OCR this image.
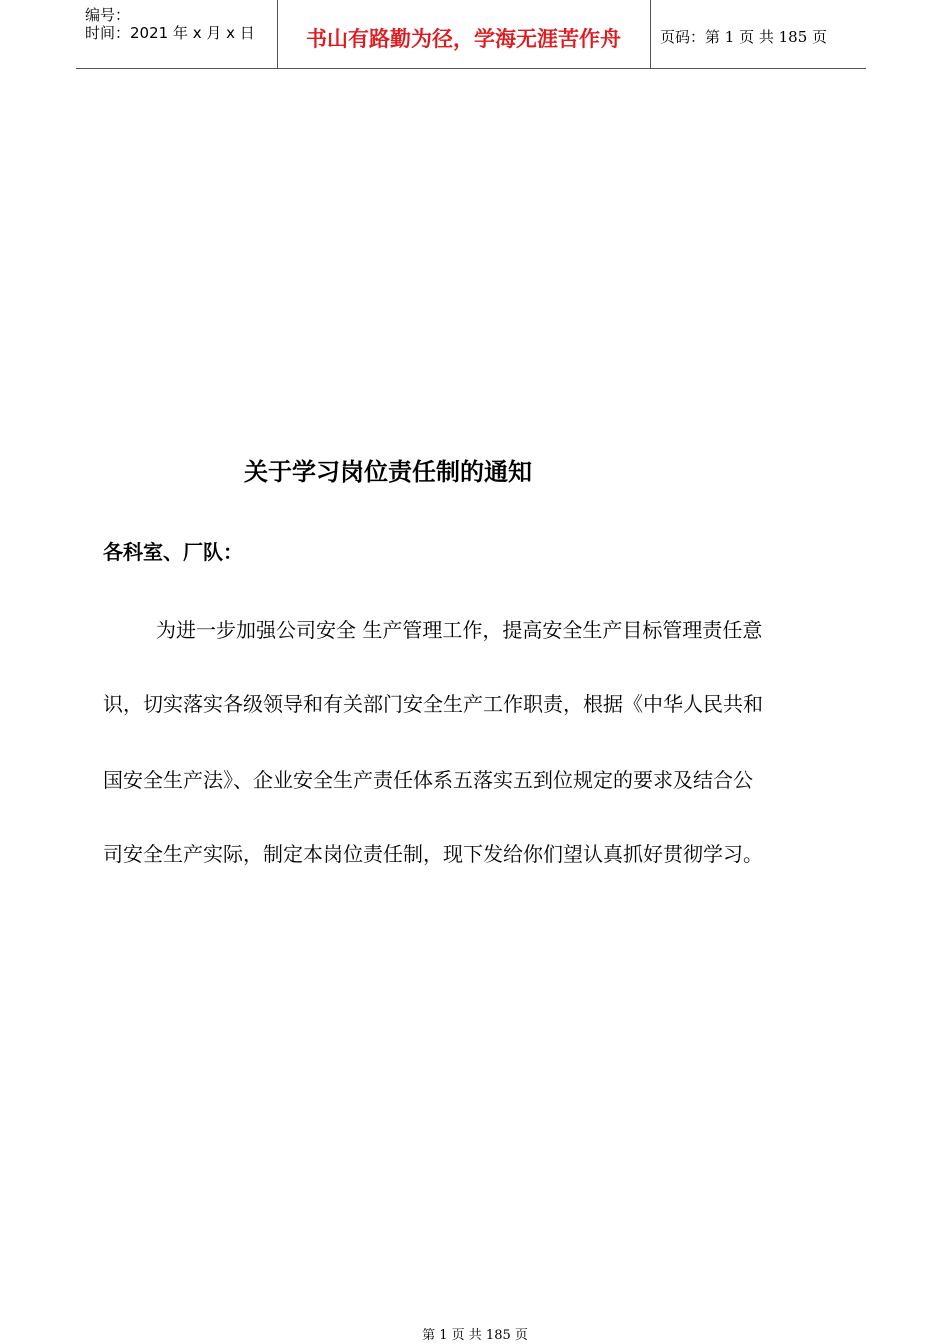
编号：
时间：2021 年 x 月 x 日	书山有路勤为径，学海无涯苦作舟	页码：第 1 页 共 185 页
关于学习岗位责任制的通知
各科室、厂队：
为进一步加强公司安全 生产管理工作，提高安全生产目标管理责任意
识，切实落实各级领导和有关部门安全生产工作职责，根据《中华人民共和
国安全生产法》、企业安全生产责任体系五落实五到位规定的要求及结合公
司安全生产实际，制定本岗位责任制，现下发给你们望认真抓好贯彻学习。
第 1 页 共 185 页
